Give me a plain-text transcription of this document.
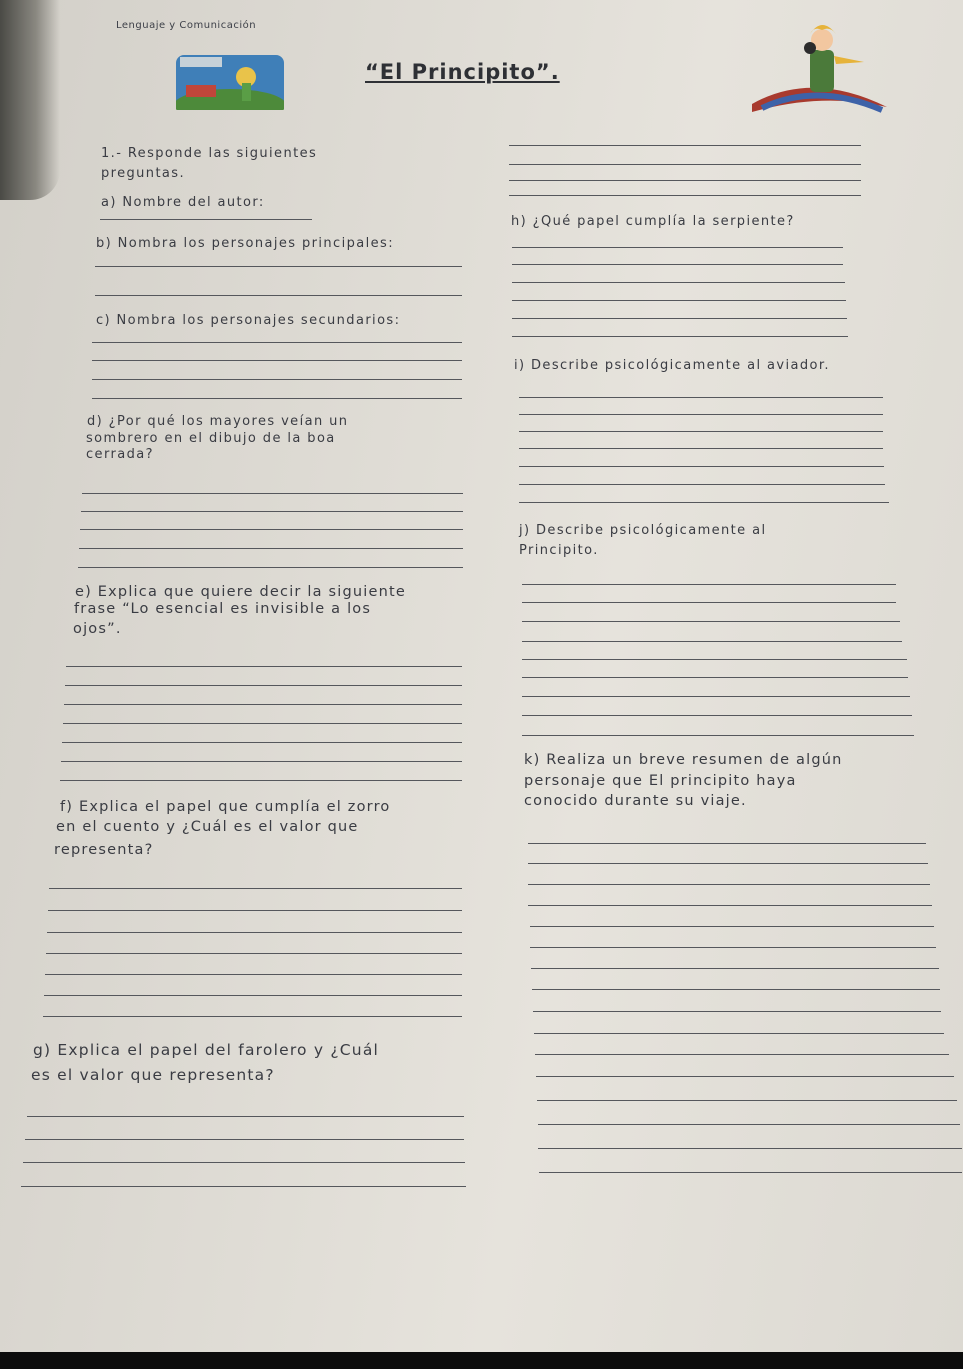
Lenguaje y Comunicación
“El Principito”.
1.- Responde las siguientes
preguntas.
a) Nombre del autor:
b) Nombra los personajes principales:
c) Nombra los personajes secundarios:
d) ¿Por qué los mayores veían un
sombrero en el dibujo de la boa
cerrada?
e) Explica que quiere decir la siguiente
frase “Lo esencial es invisible a los
ojos”.
f) Explica el papel que cumplía el zorro
en el cuento y ¿Cuál es el valor que
representa?
g) Explica el papel del farolero y ¿Cuál
es el valor que representa?
h) ¿Qué papel cumplía la serpiente?
i) Describe psicológicamente al aviador.
j) Describe psicológicamente al
Principito.
k) Realiza un breve resumen de algún
personaje que El principito haya
conocido durante su viaje.
